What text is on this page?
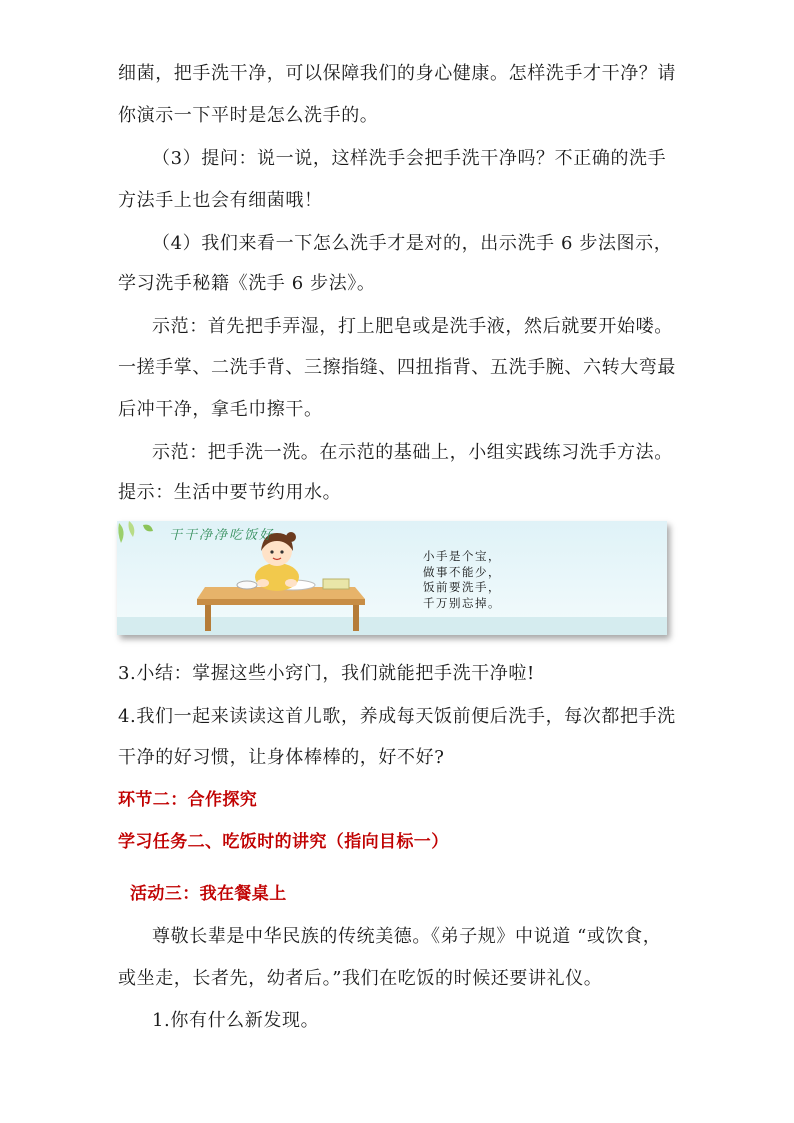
细菌，把手洗干净，可以保障我们的身心健康。怎样洗手才干净？请
你演示一下平时是怎么洗手的。
（3）提问：说一说，这样洗手会把手洗干净吗？不正确的洗手
方法手上也会有细菌哦！
（4）我们来看一下怎么洗手才是对的，出示洗手 6 步法图示，
学习洗手秘籍《洗手 6 步法》。
示范：首先把手弄湿，打上肥皂或是洗手液，然后就要开始喽。
一搓手掌、二洗手背、三擦指缝、四扭指背、五洗手腕、六转大弯最
后冲干净，拿毛巾擦干。
示范：把手洗一洗。在示范的基础上，小组实践练习洗手方法。
提示：生活中要节约用水。
干干净净吃饭好
小手是个宝，
做事不能少，
饭前要洗手，
千万别忘掉。
3.小结：掌握这些小窍门，我们就能把手洗干净啦!
4.我们一起来读读这首儿歌，养成每天饭前便后洗手，每次都把手洗
干净的好习惯，让身体棒棒的，好不好?
环节二：合作探究
学习任务二、吃饭时的讲究（指向目标一）
活动三：我在餐桌上
尊敬长辈是中华民族的传统美德。《弟子规》中说道 “或饮食，
或坐走，长者先，幼者后。”我们在吃饭的时候还要讲礼仪。
1.你有什么新发现。
